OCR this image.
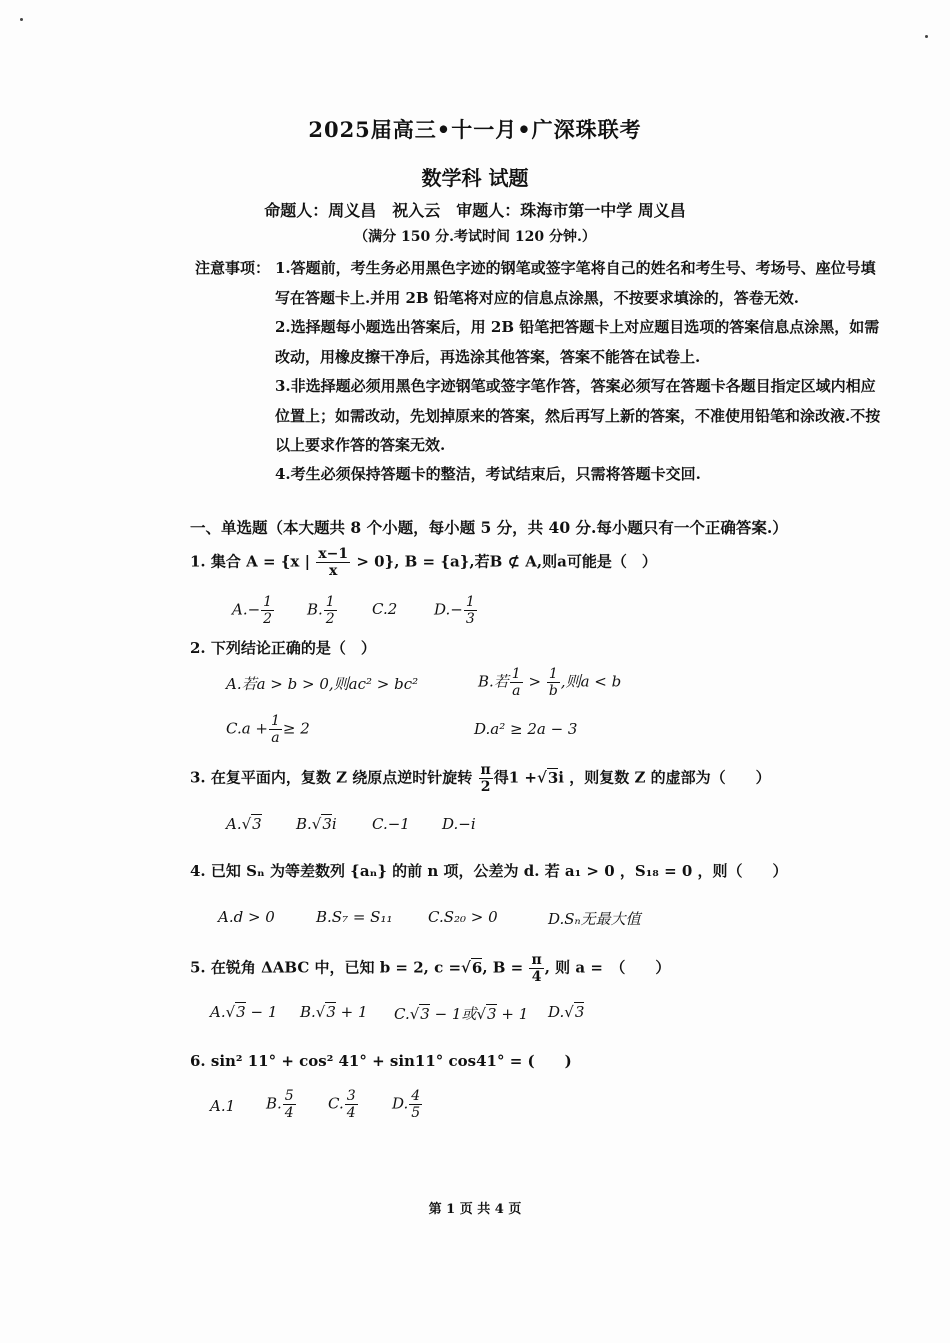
2025届高三•十一月•广深珠联考
数学科 试题
命题人：周义昌　祝入云　审题人：珠海市第一中学 周义昌
（满分 150 分.考试时间 120 分钟.）
注意事项： 1.答题前，考生务必用黑色字迹的钢笔或签字笔将自己的姓名和考生号、考场号、座位号填写在答题卡上.并用 2B 铅笔将对应的信息点涂黑，不按要求填涂的，答卷无效.
2.选择题每小题选出答案后，用 2B 铅笔把答题卡上对应题目选项的答案信息点涂黑，如需改动，用橡皮擦干净后，再选涂其他答案，答案不能答在试卷上.
3.非选择题必须用黑色字迹钢笔或签字笔作答，答案必须写在答题卡各题目指定区域内相应位置上；如需改动，先划掉原来的答案，然后再写上新的答案，不准使用铅笔和涂改液.不按以上要求作答的答案无效.
4.考生必须保持答题卡的整洁，考试结束后，只需将答题卡交回.
一、单选题（本大题共 8 个小题，每小题 5 分，共 40 分.每小题只有一个正确答案.）
1. 集合 A = {x | $\frac{x-1}{x} > 0$}, B = {a},若B ⊄ A,则a可能是（　）
$A.- \frac{1}{2} B$. $\frac{1}{2} C.2$ $D.- \frac{1}{3}$
2. 下列结论正确的是（　）
A.若a > b > 0,则ac² > bc²	B.若 $\frac{1}{a} > \frac{1}{b}$ ,则a < b
$C.a + \frac{1}{a} \ge 2$	D.a² ≥ 2a − 3
3. 在复平面内，复数 Z 绕原点逆时针旋转 $\frac{\pi}{2}$ 得1 +√3i ，则复数 Z 的虚部为（　　）
A.√3 B.√3i C.−1 D.−i
4. 已知 Sₙ 为等差数列 {aₙ} 的前 n 项，公差为 d. 若 a₁ > 0 ，S₁₈ = 0 ，则（　　）
A.d > 0	B.S₇ = S₁₁ C.S₂₀ > 0	D.Sₙ无最大值
5. 在锐角 ΔABC 中，已知 b = 2, c =√6, $B = \frac{\pi}{4}$ , 则 a =　（　　）
A.√3 − 1 B.√3 + 1 C.√3 − 1或√3 + 1 D.√3
6. sin² 11° + cos² 41° + sin11° cos41° = (　　)
A.1 B. $\frac{5}{4} C$. $\frac{3}{4} D$. $\frac{4}{5}$
第 1 页 共 4 页
